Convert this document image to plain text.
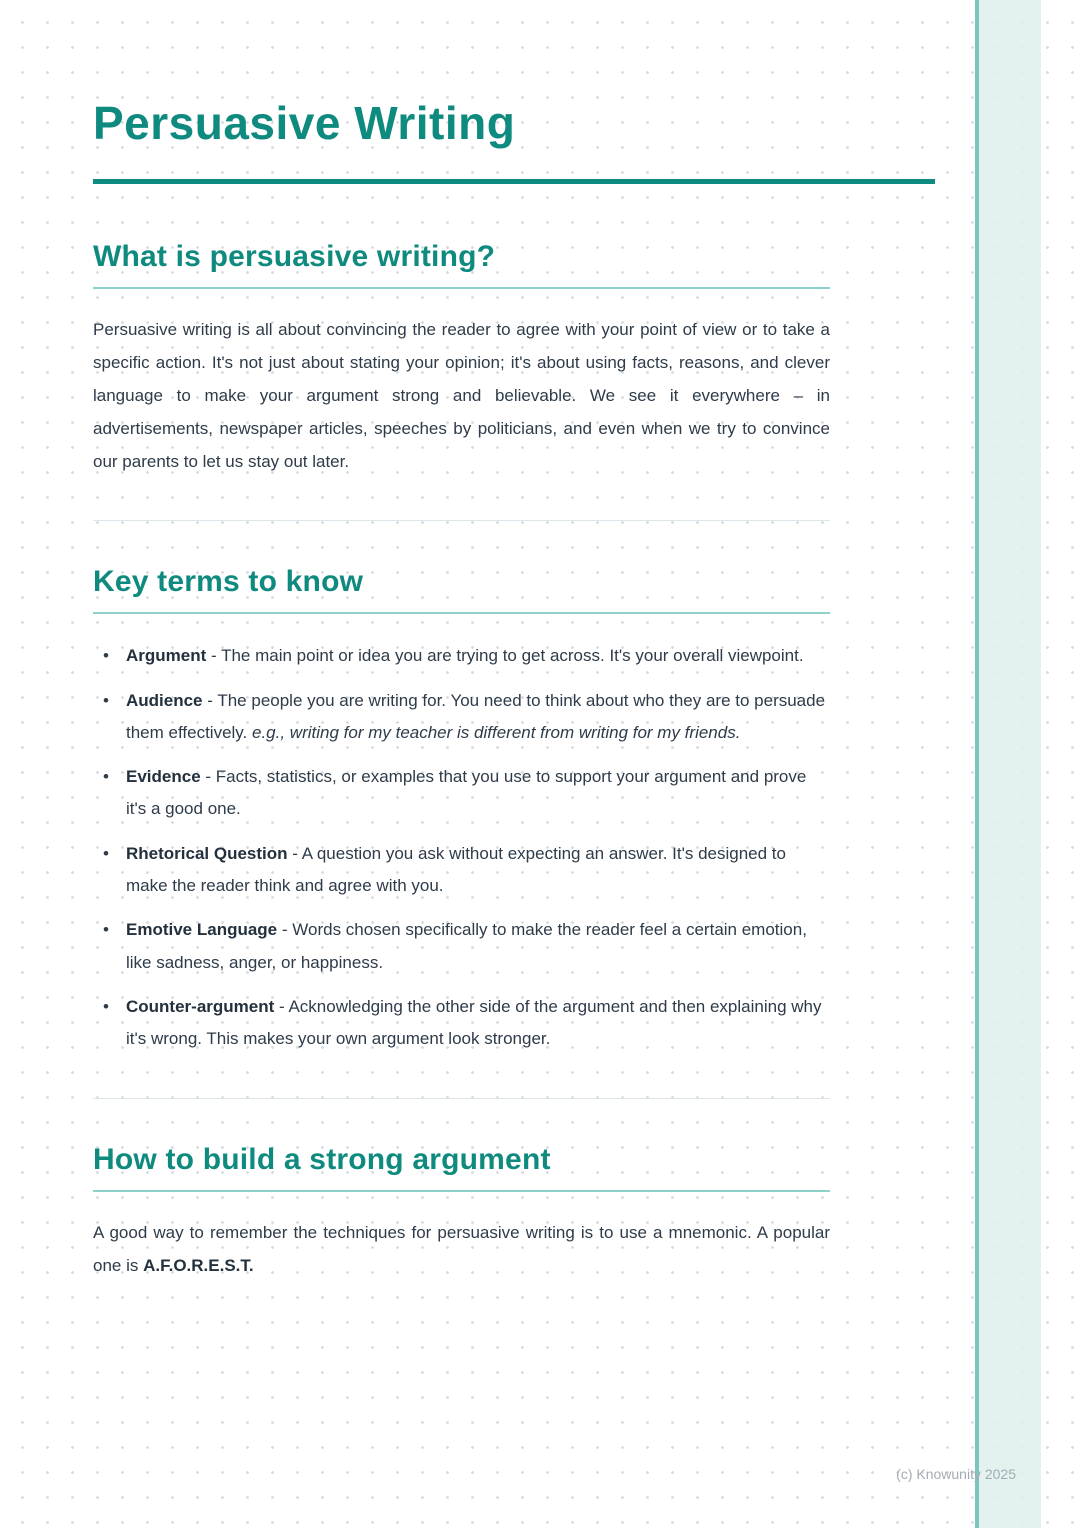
Persuasive Writing
What is persuasive writing?

Persuasive writing is all about convincing the reader to agree with your point of view or to take a specific action. It's not just about stating your opinion; it's about using facts, reasons, and clever language to make your argument strong and believable. We see it everywhere – in advertisements, newspaper articles, speeches by politicians, and even when we try to convince our parents to let us stay out later.

Key terms to know
• Argument - The main point or idea you are trying to get across. It's your overall viewpoint.
• Audience - The people you are writing for. You need to think about who they are to persuade them effectively. e.g., writing for my teacher is different from writing for my friends.
• Evidence - Facts, statistics, or examples that you use to support your argument and prove it's a good one.
• Rhetorical Question - A question you ask without expecting an answer. It's designed to make the reader think and agree with you.
• Emotive Language - Words chosen specifically to make the reader feel a certain emotion, like sadness, anger, or happiness.
• Counter-argument - Acknowledging the other side of the argument and then explaining why it's wrong. This makes your own argument look stronger.
How to build a strong argument

A good way to remember the techniques for persuasive writing is to use a mnemonic. A popular one is A.F.O.R.E.S.T.

(c) Knowunity 2025
